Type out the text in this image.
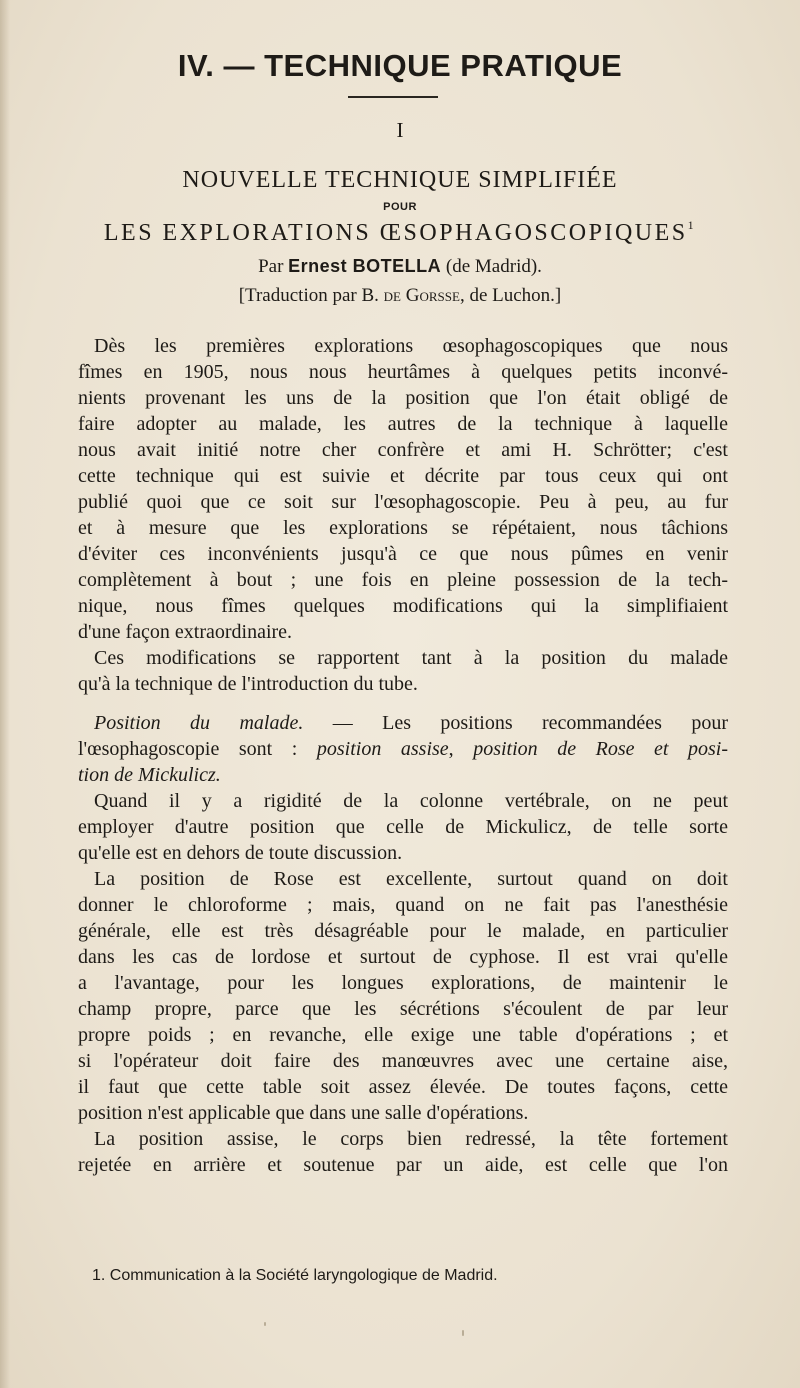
IV. — TECHNIQUE PRATIQUE
I
NOUVELLE TECHNIQUE SIMPLIFIÉE
POUR
LES EXPLORATIONS ŒSOPHAGOSCOPIQUES$^1$
Par Ernest BOTELLA (de Madrid).
[Traduction par B. de Gorsse, de Luchon.]
Dès les premières explorations œsophagoscopiques que nous
fîmes en 1905, nous nous heurtâmes à quelques petits inconvé-
nients provenant les uns de la position que l'on était obligé de
faire adopter au malade, les autres de la technique à laquelle
nous avait initié notre cher confrère et ami H. Schrötter; c'est
cette technique qui est suivie et décrite par tous ceux qui ont
publié quoi que ce soit sur l'œsophagoscopie. Peu à peu, au fur
et à mesure que les explorations se répétaient, nous tâchions
d'éviter ces inconvénients jusqu'à ce que nous pûmes en venir
complètement à bout ; une fois en pleine possession de la tech-
nique, nous fîmes quelques modifications qui la simplifiaient
d'une façon extraordinaire.
Ces modifications se rapportent tant à la position du malade
qu'à la technique de l'introduction du tube.
Position du malade. — Les positions recommandées pour
l'œsophagoscopie sont : position assise, position de Rose et posi-
tion de Mickulicz.
Quand il y a rigidité de la colonne vertébrale, on ne peut
employer d'autre position que celle de Mickulicz, de telle sorte
qu'elle est en dehors de toute discussion.
La position de Rose est excellente, surtout quand on doit
donner le chloroforme ; mais, quand on ne fait pas l'anesthésie
générale, elle est très désagréable pour le malade, en particulier
dans les cas de lordose et surtout de cyphose. Il est vrai qu'elle
a l'avantage, pour les longues explorations, de maintenir le
champ propre, parce que les sécrétions s'écoulent de par leur
propre poids ; en revanche, elle exige une table d'opérations ; et
si l'opérateur doit faire des manœuvres avec une certaine aise,
il faut que cette table soit assez élevée. De toutes façons, cette
position n'est applicable que dans une salle d'opérations.
La position assise, le corps bien redressé, la tête fortement
rejetée en arrière et soutenue par un aide, est celle que l'on
1. Communication à la Société laryngologique de Madrid.
